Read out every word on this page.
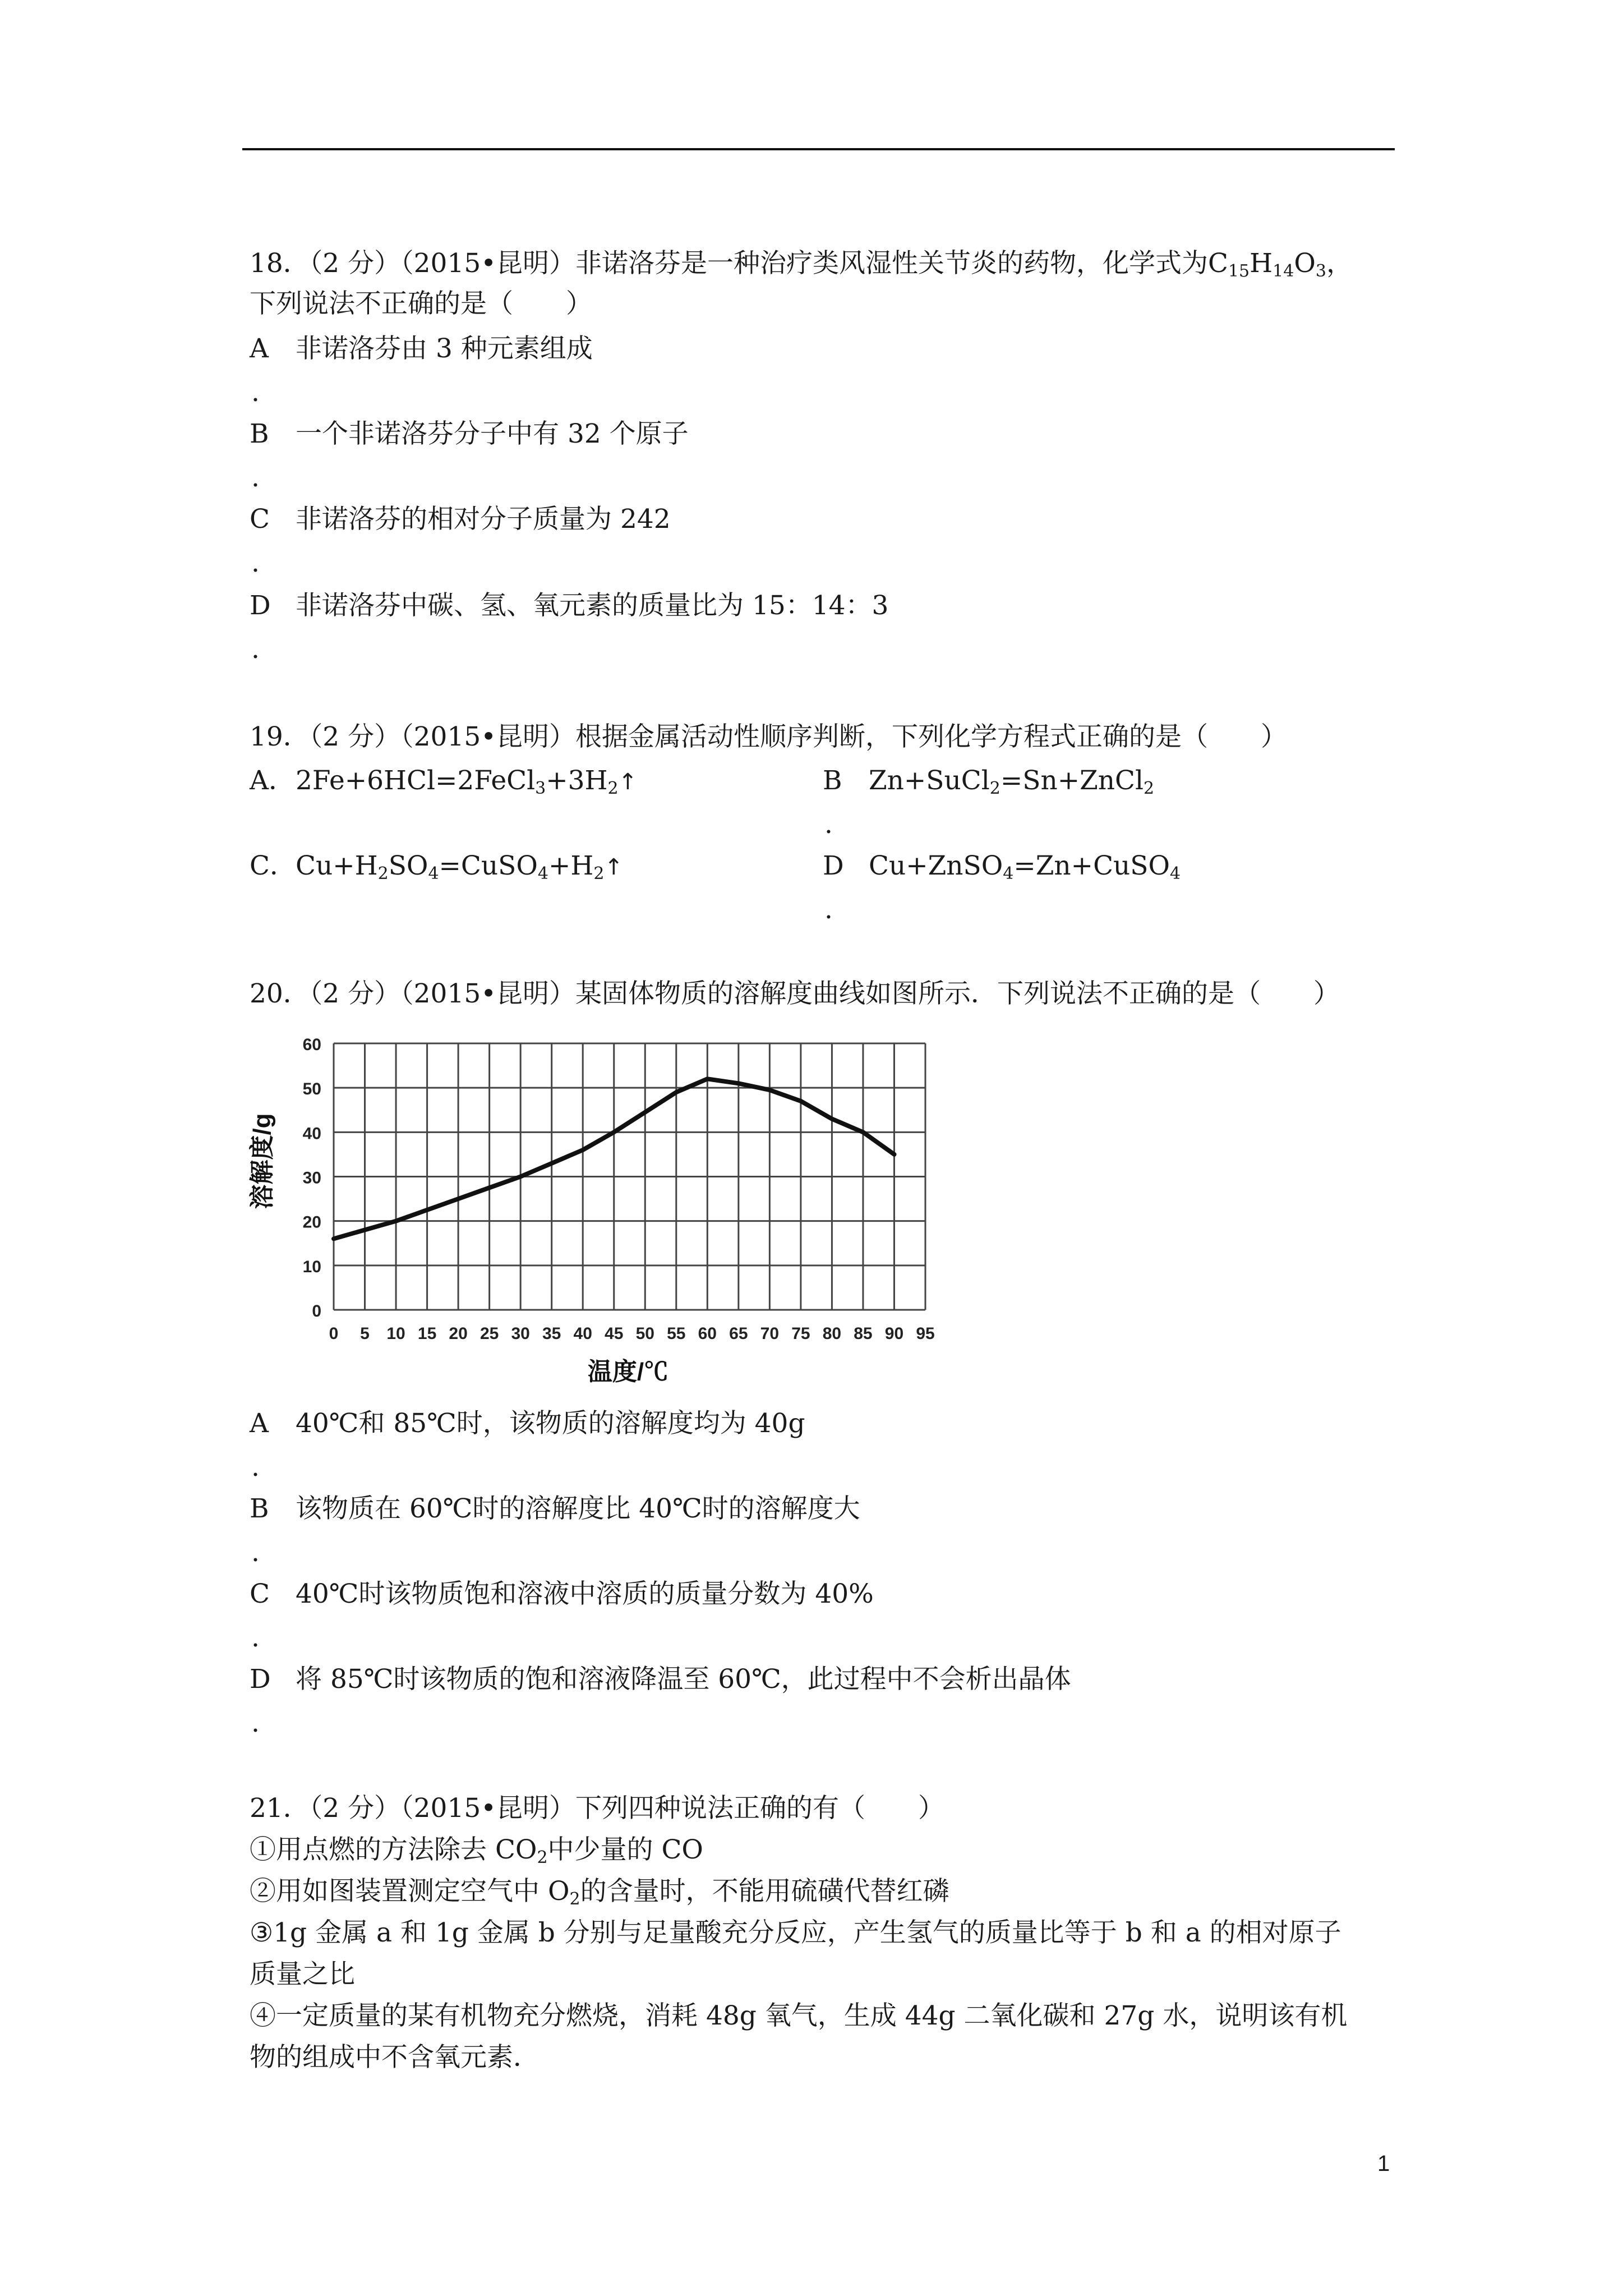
18．（2 分）（2015•昆明）非诺洛芬是一种治疗类风湿性关节炎的药物，化学式为$C_{15}H_{14}O_3$，
下列说法不正确的是（　　）
A 非诺洛芬由 3 种元素组成
.
B 一个非诺洛芬分子中有 32 个原子
.
C 非诺洛芬的相对分子质量为 242
.
D 非诺洛芬中碳、氢、氧元素的质量比为 15：14：3
.
19．（2 分）（2015•昆明）根据金属活动性顺序判断，下列化学方程式正确的是（　　）
A．$2Fe+6HCl=2FeCl_3+3H_2↑$	B Zn+SuCl$_2$=Sn+ZnCl$_2$
.
C．$Cu+H_2SO_4=CuSO_4+H_2↑$	D Cu+ZnSO$_4$=Zn+CuSO$_4$
.
20．（2 分）（2015•昆明）某固体物质的溶解度曲线如图所示．下列说法不正确的是（　　）
0
10
20
30
40
50
60
0 5 10 15 20 25 30 35 40 45 50 55 60 65 70 75 80 85 90 95
溶解度/g
温度/℃
A 40℃和 85℃时，该物质的溶解度均为 40g
.
B 该物质在 60℃时的溶解度比 40℃时的溶解度大
.
C 40℃时该物质饱和溶液中溶质的质量分数为 40%
.
D 将 85℃时该物质的饱和溶液降温至 60℃，此过程中不会析出晶体
.
21．（2 分）（2015•昆明）下列四种说法正确的有（　　）
①用点燃的方法除去 $CO_2$中少量的 CO
②用如图装置测定空气中 $O_2$的含量时，不能用硫磺代替红磷
③1g 金属 a 和 1g 金属 b 分别与足量酸充分反应，产生氢气的质量比等于 b 和 a 的相对原子
质量之比
④一定质量的某有机物充分燃烧，消耗 48g 氧气，生成 44g 二氧化碳和 27g 水，说明该有机
物的组成中不含氧元素．
1
